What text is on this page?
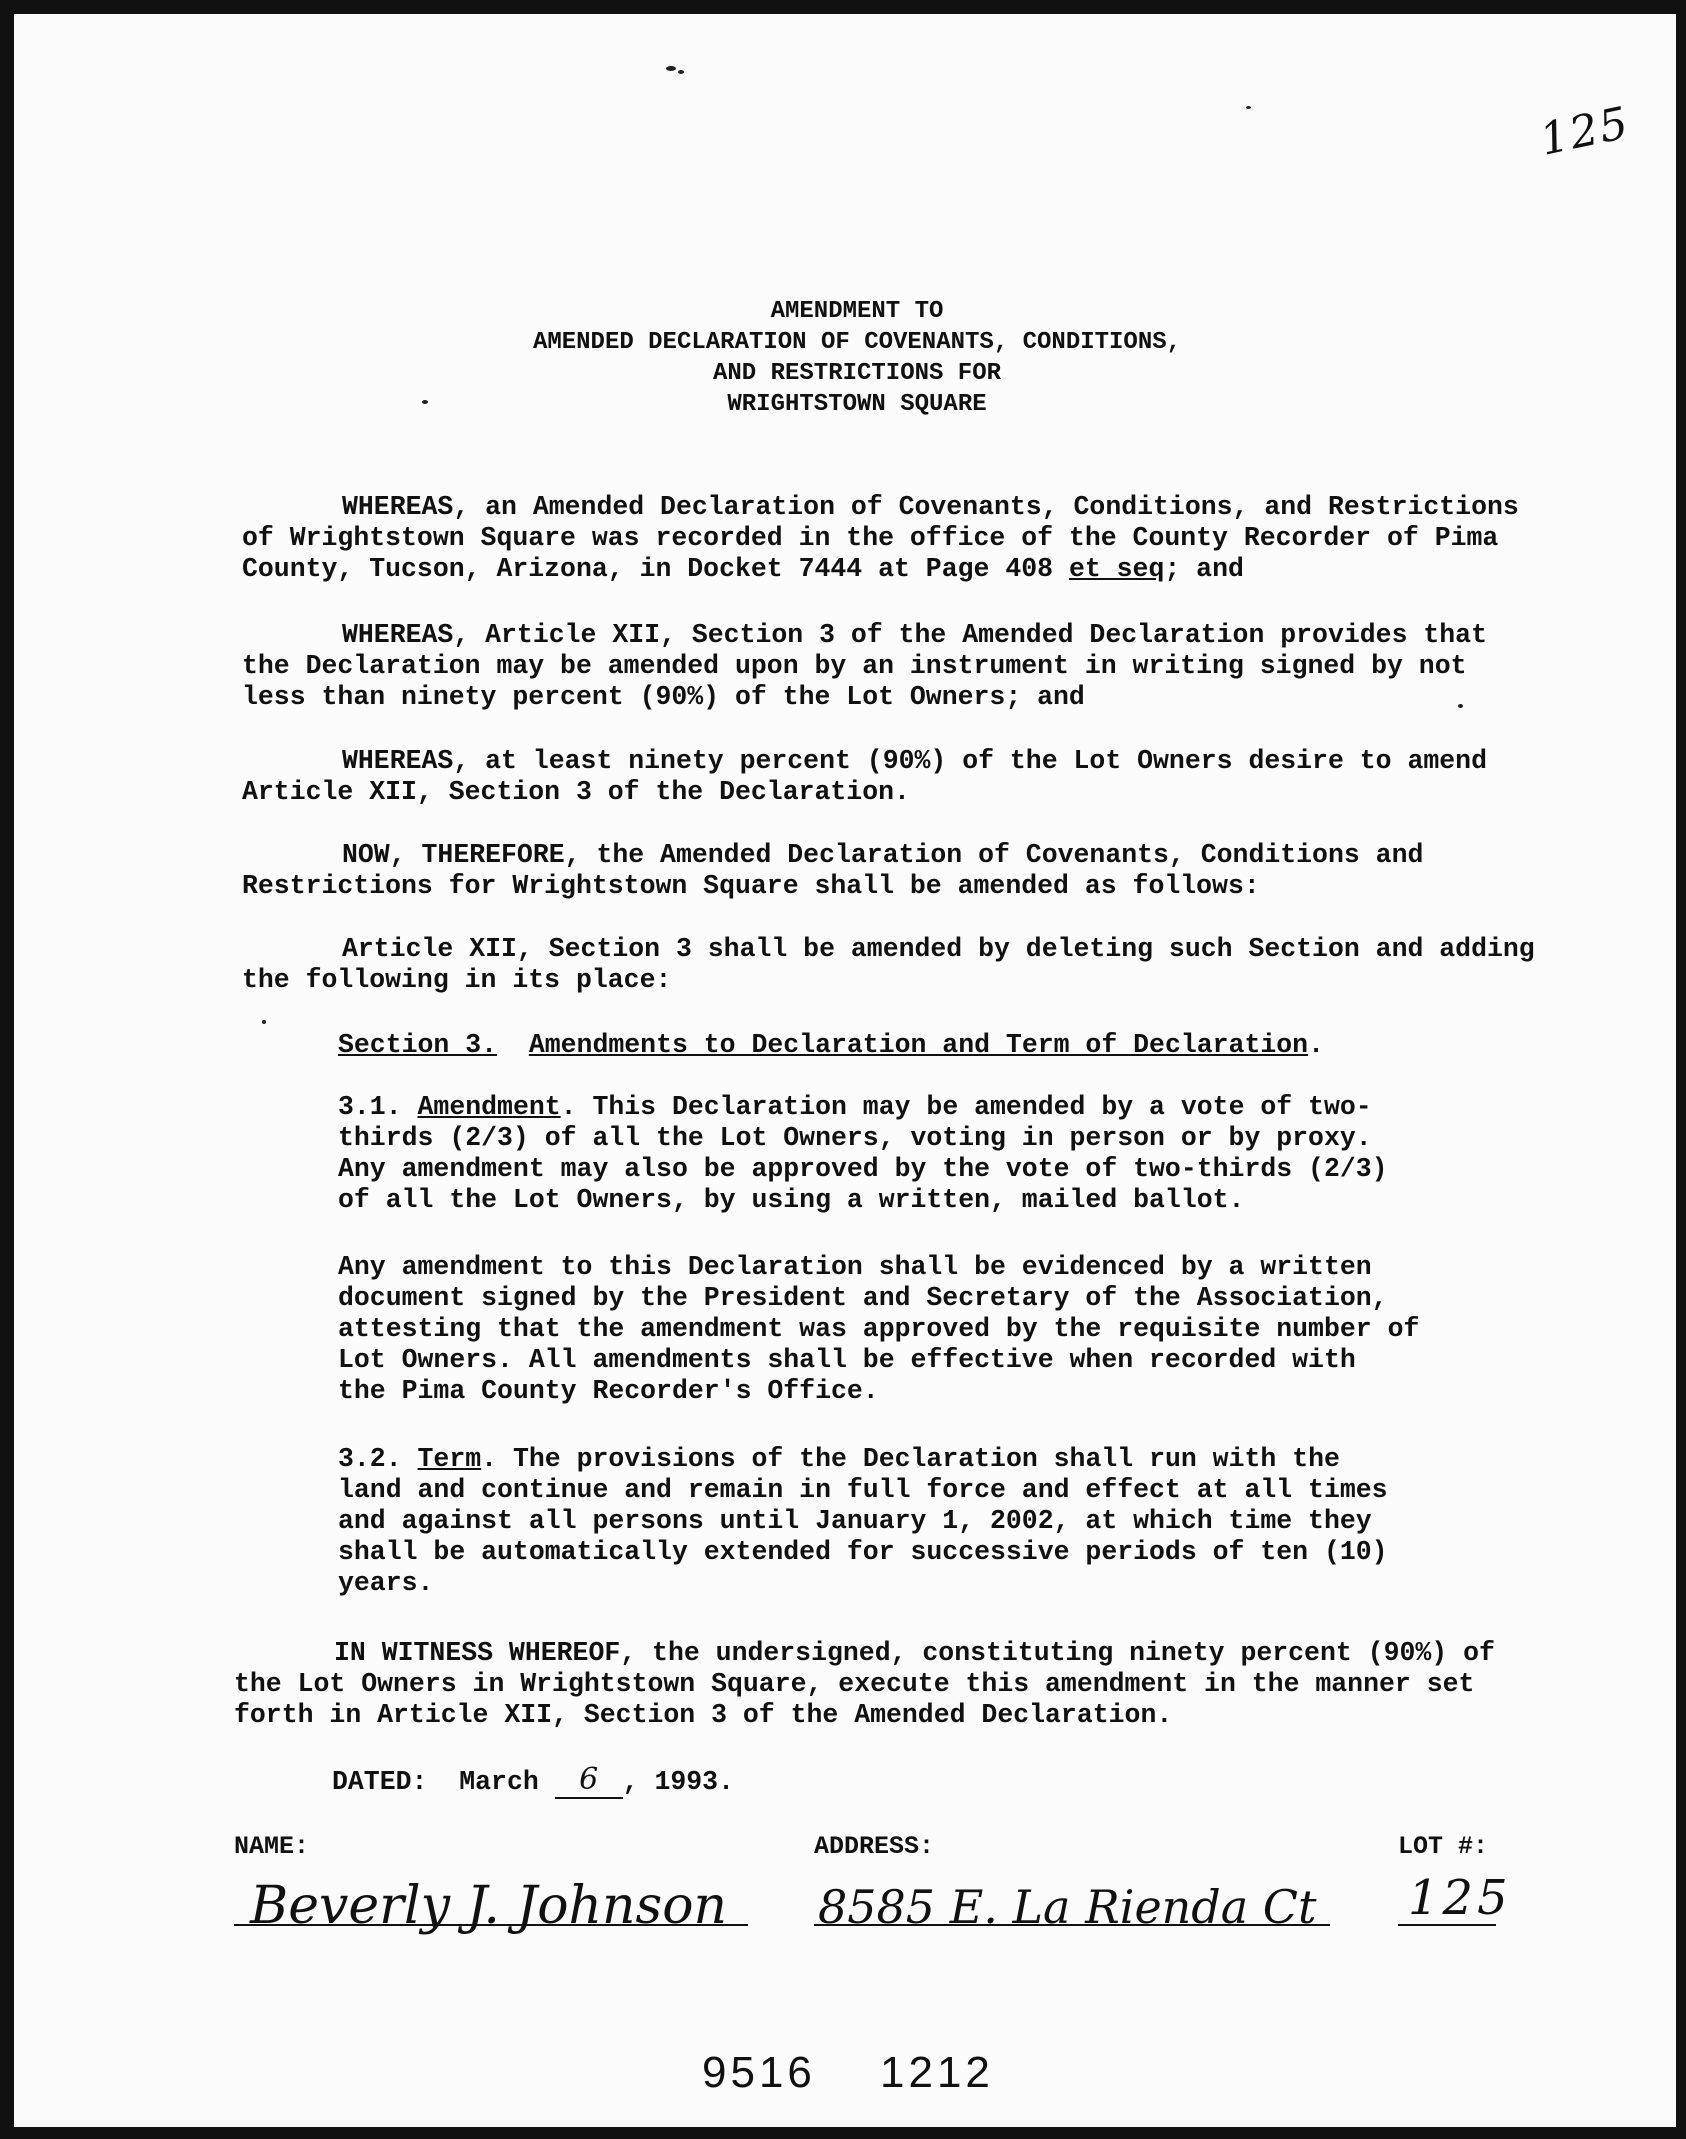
125
AMENDMENT TO
AMENDED DECLARATION OF COVENANTS, CONDITIONS,
AND RESTRICTIONS FOR
WRIGHTSTOWN SQUARE
WHEREAS, an Amended Declaration of Covenants, Conditions, and Restrictions
of Wrightstown Square was recorded in the office of the County Recorder of Pima
County, Tucson, Arizona, in Docket 7444 at Page 408 et seq; and
WHEREAS, Article XII, Section 3 of the Amended Declaration provides that
the Declaration may be amended upon by an instrument in writing signed by not
less than ninety percent (90%) of the Lot Owners; and
WHEREAS, at least ninety percent (90%) of the Lot Owners desire to amend
Article XII, Section 3 of the Declaration.
NOW, THEREFORE, the Amended Declaration of Covenants, Conditions and
Restrictions for Wrightstown Square shall be amended as follows:
Article XII, Section 3 shall be amended by deleting such Section and adding
the following in its place:
Section 3. Amendments to Declaration and Term of Declaration.
3.1. Amendment. This Declaration may be amended by a vote of two-
thirds (2/3) of all the Lot Owners, voting in person or by proxy.
Any amendment may also be approved by the vote of two-thirds (2/3)
of all the Lot Owners, by using a written, mailed ballot.
Any amendment to this Declaration shall be evidenced by a written
document signed by the President and Secretary of the Association,
attesting that the amendment was approved by the requisite number of
Lot Owners. All amendments shall be effective when recorded with
the Pima County Recorder's Office.
3.2. Term. The provisions of the Declaration shall run with the
land and continue and remain in full force and effect at all times
and against all persons until January 1, 2002, at which time they
shall be automatically extended for successive periods of ten (10)
years.
IN WITNESS WHEREOF, the undersigned, constituting ninety percent (90%) of
the Lot Owners in Wrightstown Square, execute this amendment in the manner set
forth in Article XII, Section 3 of the Amended Declaration.
DATED: March 6 , 1993.
NAME:	ADDRESS:	LOT #:
Beverly J. Johnson 8585 E. La Rienda Ct 125
9516 1212
